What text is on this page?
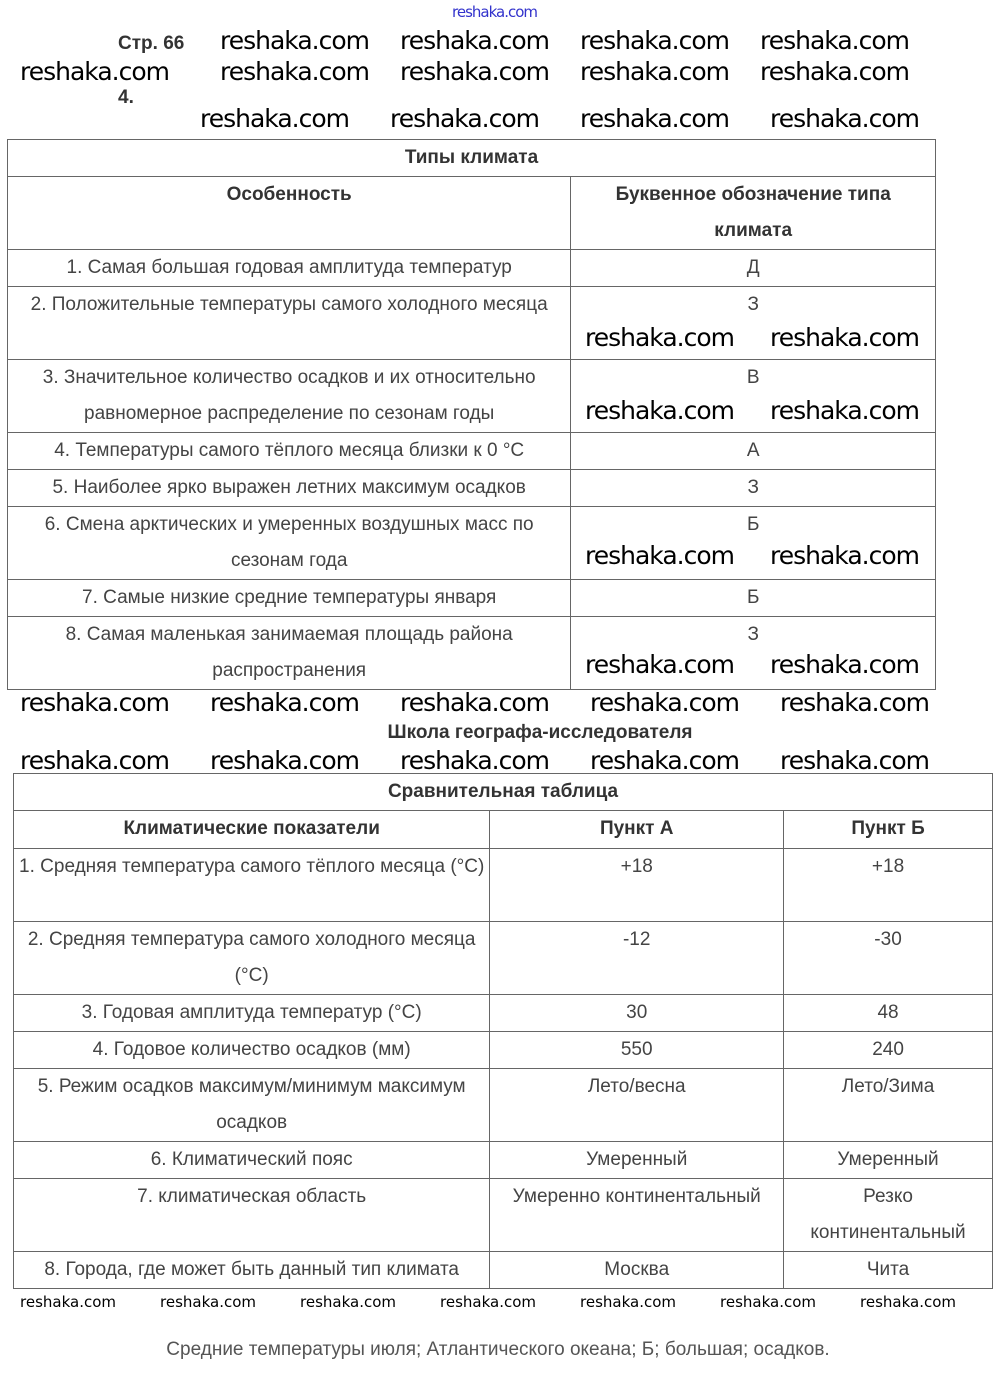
reshaka.com
Стр. 66
4.
Типы климата	
Особенность	Буквенное обозначение типа климата
1. Самая большая годовая амплитуда температур	Д
2. Положительные температуры самого холодного месяца	З
3. Значительное количество осадков и их относительно равномерное распределение по сезонам годы	В
4. Температуры самого тёплого месяца близки к 0 °С	А
5. Наиболее ярко выражен летних максимум осадков	З
6. Смена арктических и умеренных воздушных масс по сезонам года	Б
7. Самые низкие средние температуры января	Б
8. Самая маленькая занимаемая площадь района распространения	З
Школа географа-исследователя
Сравнительная таблица		
Климатические показатели	Пункт А	Пункт Б
1. Средняя температура самого тёплого месяца (°С)	+18	+18
2. Средняя температура самого холодного месяца (°С)	-12	-30
3. Годовая амплитуда температур (°С)	30	48
4. Годовое количество осадков (мм)	550	240
5. Режим осадков максимум/минимум максимум осадков	Лето/весна	Лето/Зима
6. Климатический пояс	Умеренный	Умеренный
7. климатическая область	Умеренно континентальный	Резко континентальный
8. Города, где может быть данный тип климата	Москва	Чита
Средние температуры июля; Атлантического океана; Б; большая; осадков.
reshaka.com reshaka.com reshaka.com reshaka.com
reshaka.com reshaka.com reshaka.com reshaka.com
reshaka.com
reshaka.com reshaka.com reshaka.com reshaka.com
reshaka.com reshaka.com reshaka.com reshaka.com reshaka.com
reshaka.com reshaka.com reshaka.com reshaka.com reshaka.com
reshaka.com reshaka.com
reshaka.com reshaka.com
reshaka.com reshaka.com
reshaka.com reshaka.com
reshaka.com	reshaka.com	reshaka.com	reshaka.com	reshaka.com	reshaka.com	reshaka.com
